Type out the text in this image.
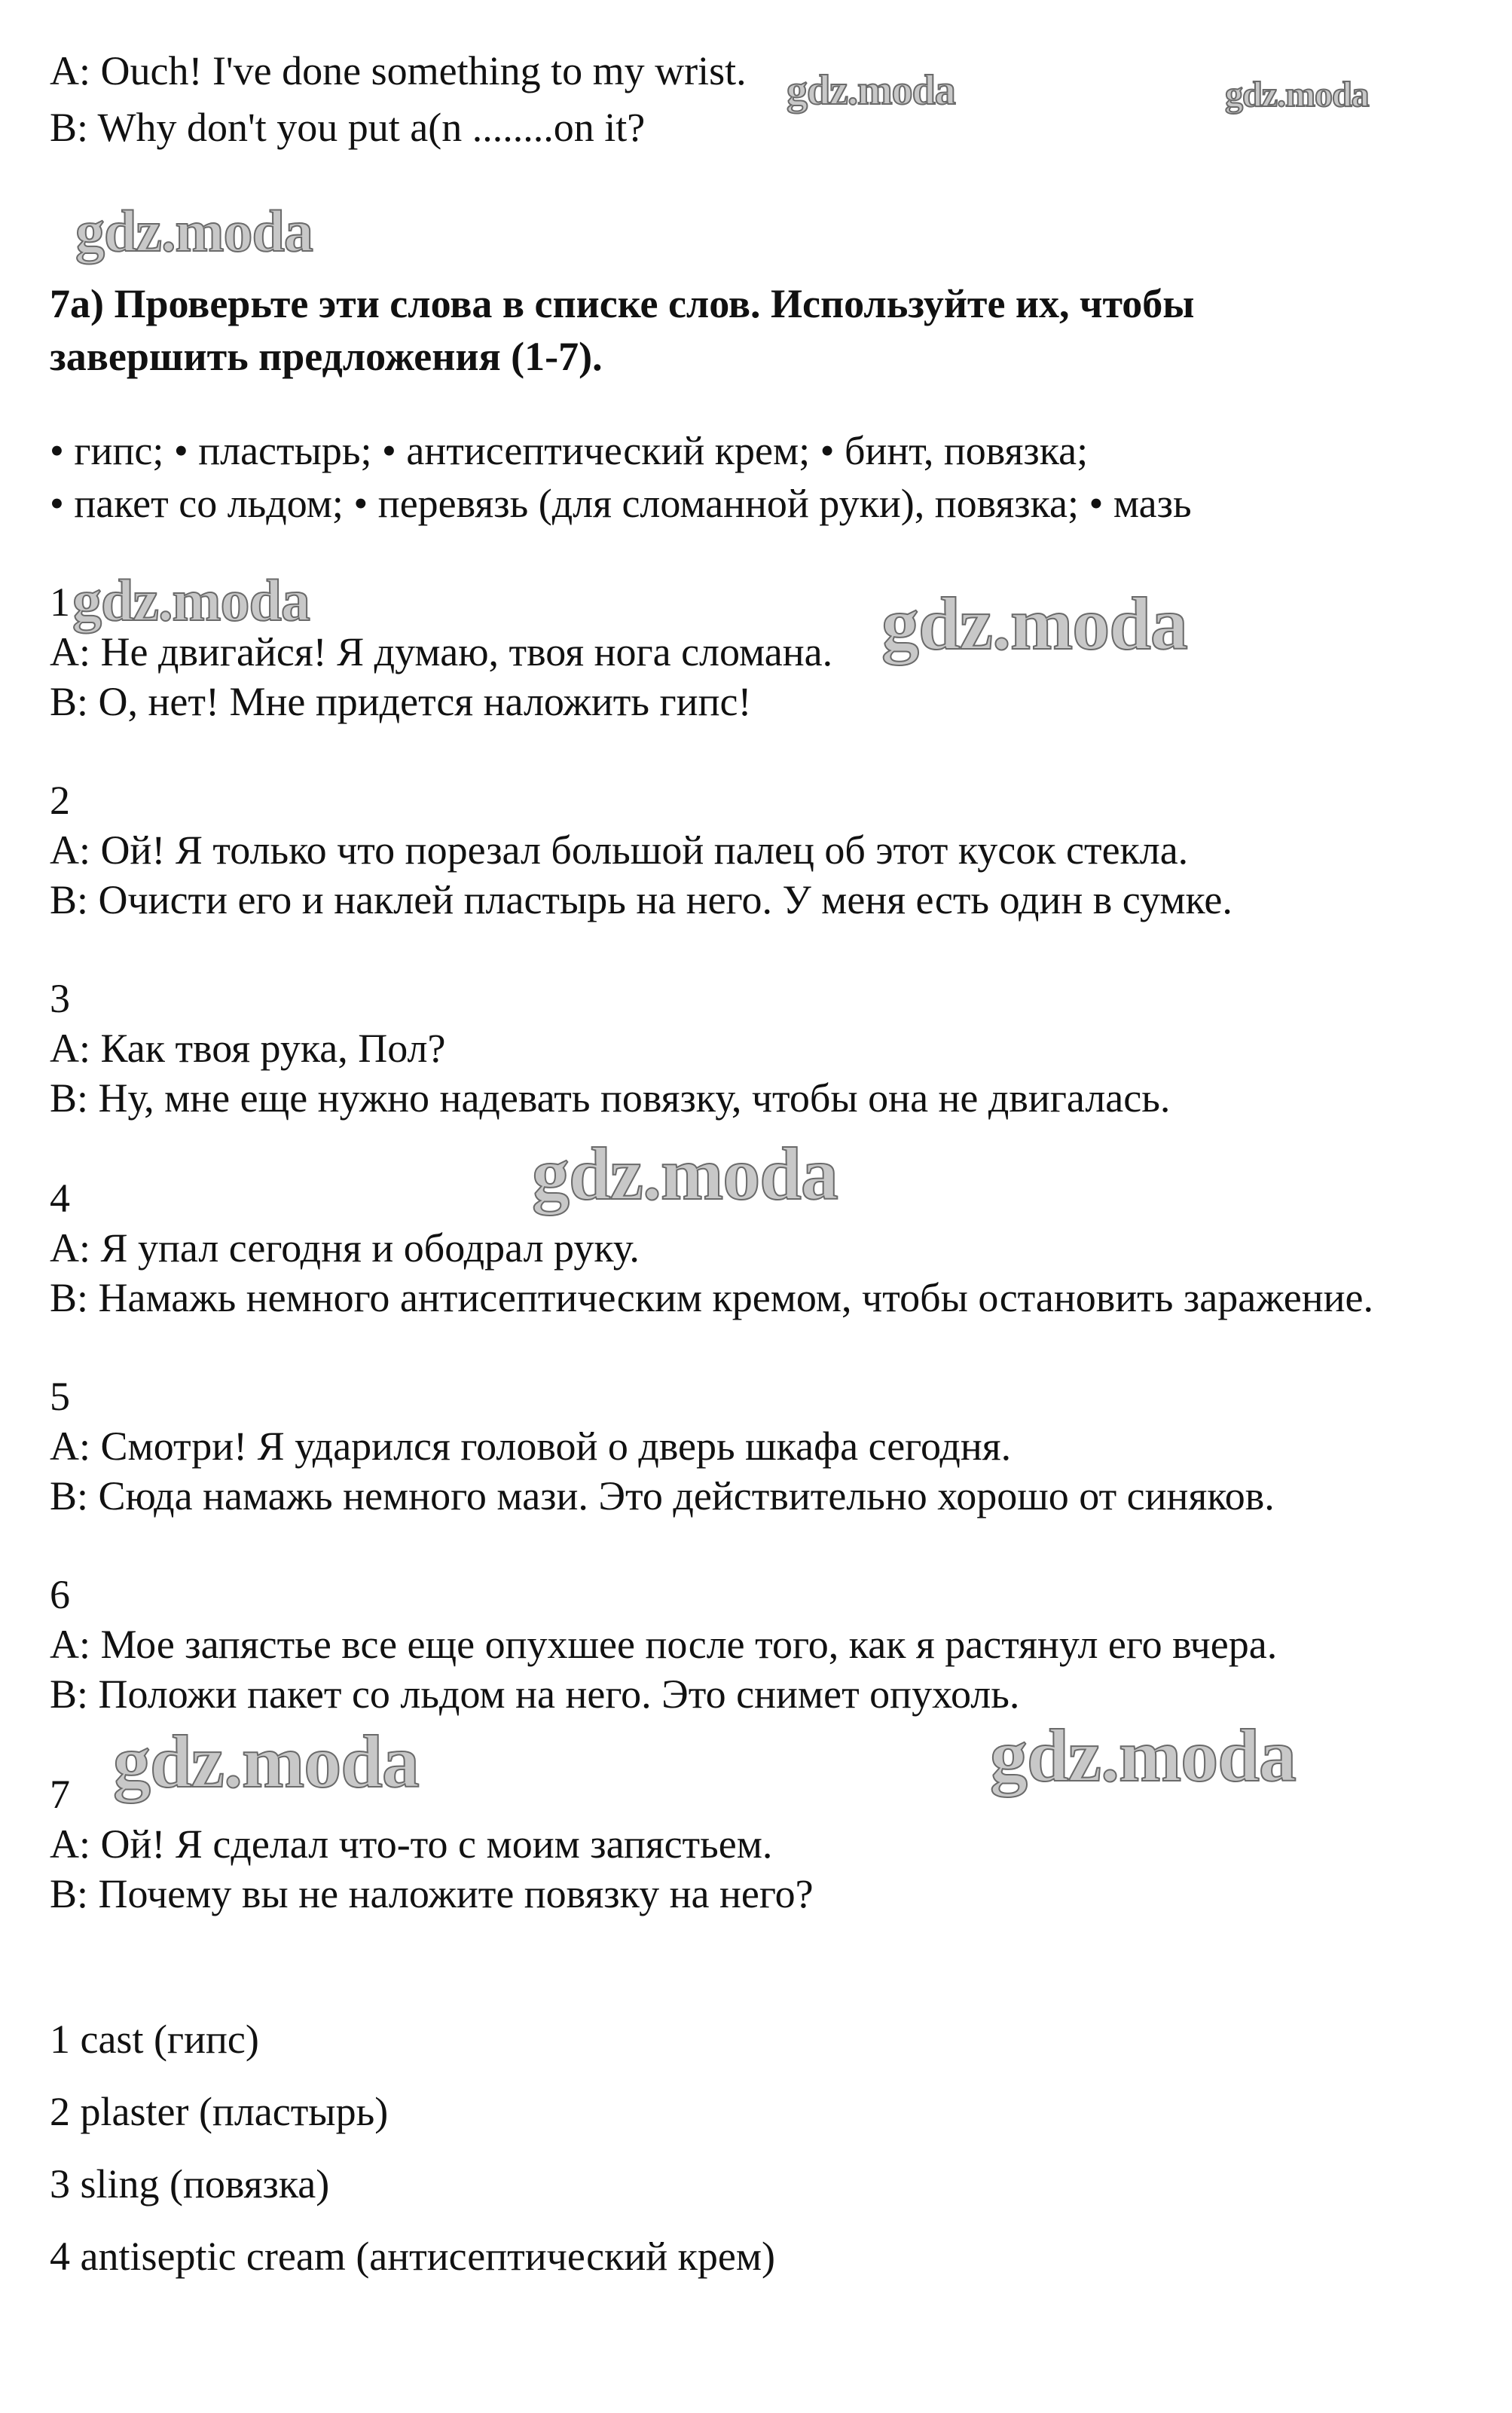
A: Ouch! I've done something to my wrist.
B: Why don't you put a(n ........on it?
7a) Проверьте эти слова в списке слов. Используйте их, чтобы
завершить предложения (1-7).
• гипс; • пластырь; • антисептический крем; • бинт, повязка;
• пакет со льдом; • перевязь (для сломанной руки), повязка; • мазь
1
A: Не двигайся! Я думаю, твоя нога сломана.
B: О, нет! Мне придется наложить гипс!
2
A: Ой! Я только что порезал большой палец об этот кусок стекла.
B: Очисти его и наклей пластырь на него. У меня есть один в сумке.
3
A: Как твоя рука, Пол?
B: Ну, мне еще нужно надевать повязку, чтобы она не двигалась.
4
A: Я упал сегодня и ободрал руку.
B: Намажь немного антисептическим кремом, чтобы остановить заражение.
5
A: Смотри! Я ударился головой о дверь шкафа сегодня.
B: Сюда намажь немного мази. Это действительно хорошо от синяков.
6
A: Мое запястье все еще опухшее после того, как я растянул его вчера.
B: Положи пакет со льдом на него. Это снимет опухоль.
7
A: Ой! Я сделал что-то с моим запястьем.
B: Почему вы не наложите повязку на него?
1 cast (гипс)
2 plaster (пластырь)
3 sling (повязка)
4 antiseptic cream (антисептический крем)
gdz.moda	gdz.moda
gdz.moda
gdz.moda	gdz.moda
gdz.moda
gdz.moda	gdz.moda
